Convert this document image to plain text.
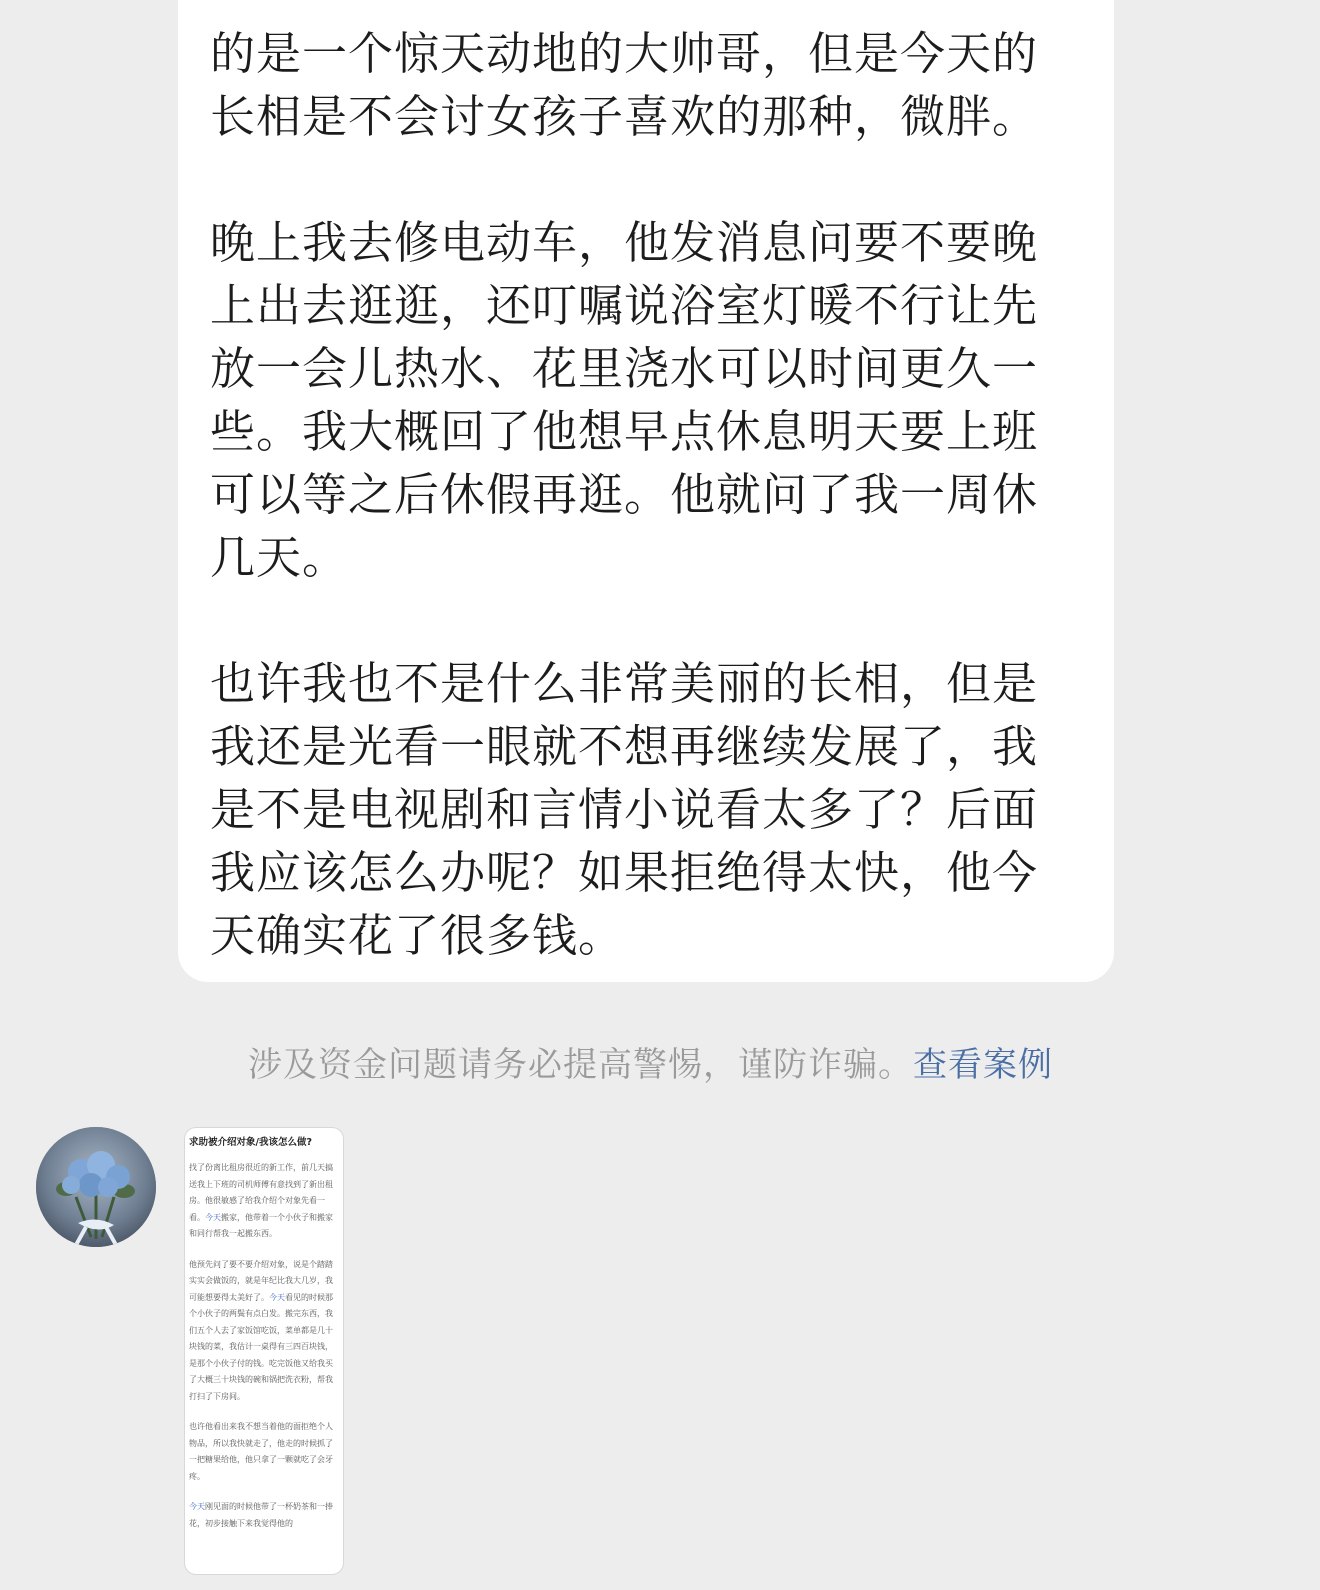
的是一个惊天动地的大帅哥，但是今天的长相是不会讨女孩子喜欢的那种，微胖。

晚上我去修电动车，他发消息问要不要晚上出去逛逛，还叮嘱说浴室灯暖不行让先放一会儿热水、花里浇水可以时间更久一些。我大概回了他想早点休息明天要上班可以等之后休假再逛。他就问了我一周休几天。

也许我也不是什么非常美丽的长相，但是我还是光看一眼就不想再继续发展了，我是不是电视剧和言情小说看太多了？后面我应该怎么办呢？如果拒绝得太快，他今天确实花了很多钱。

涉及资金问题请务必提高警惕，谨防诈骗。查看案例

求助被介绍对象/我该怎么做?

找了份离比租房很近的新工作，前几天搞送我上下班的司机师傅有意找到了新出租房。他很敏感了给我介绍个对象先看一看。今天搬家，他带着一个小伙子和搬家和同行帮我一起搬东西。

他预先问了要不要介绍对象，说是个踏踏实实会做饭的，就是年纪比我大几岁，我可能想要得太美好了。今天看见的时候那个小伙子的两鬓有点白发。搬完东西，我们五个人去了家饭馆吃饭，菜单都是几十块钱的菜，我估计一桌得有三四百块钱，是那个小伙子付的钱。吃完饭他又给我买了大概三十块钱的碗和锅把洗衣粉，帮我打扫了下房间。

也许他看出来我不想当着他的面拒绝个人物品，所以我快就走了，他走的时候抓了一把糖果给他，他只拿了一颗就吃了会牙疼。

今天刚见面的时候他带了一杯奶茶和一捧花，初步接触下来我觉得他的
